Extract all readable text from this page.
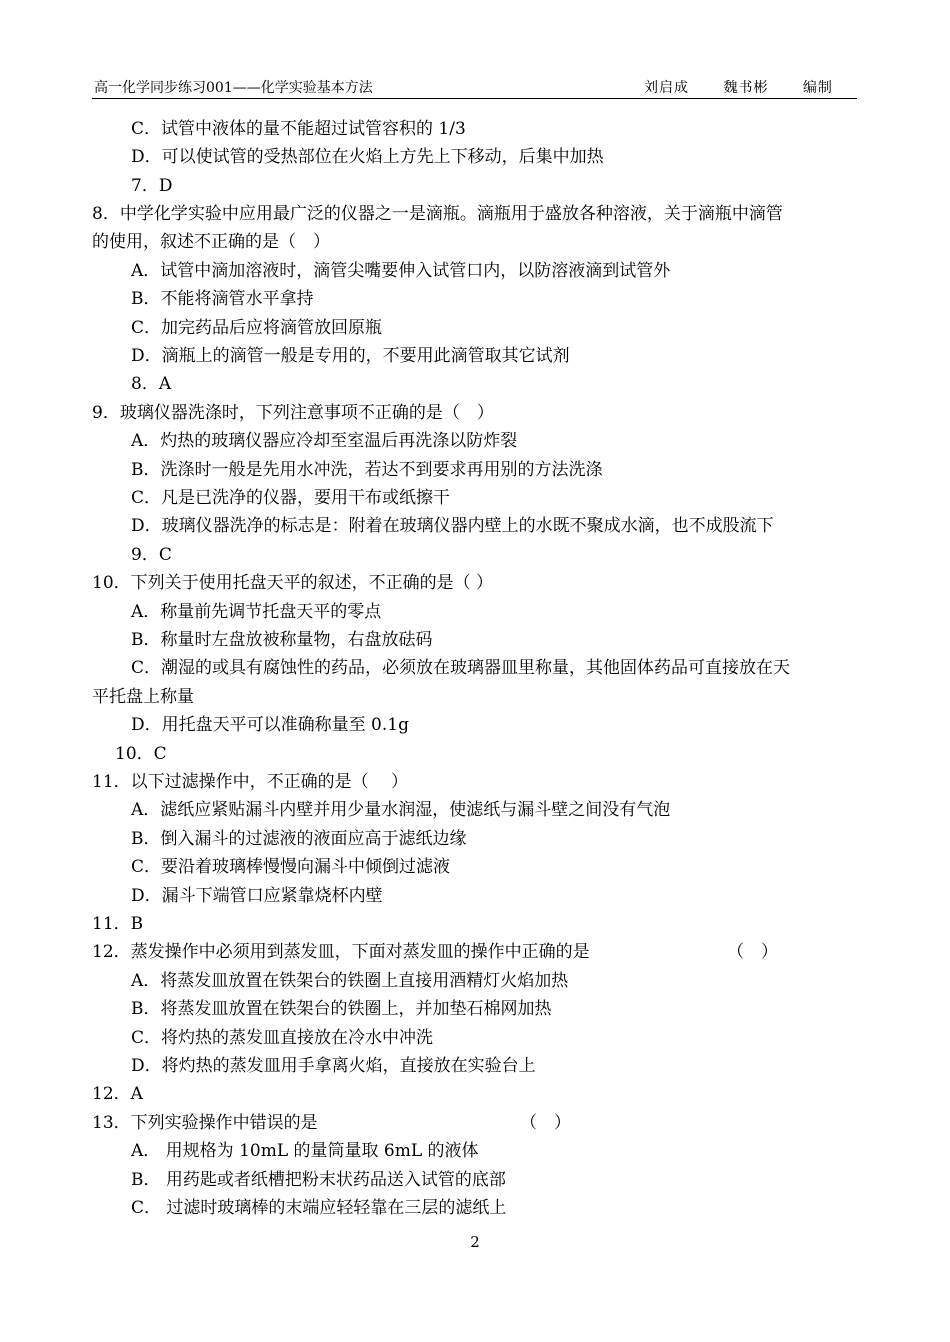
高一化学同步练习001——化学实验基本方法	刘启成　 魏书彬　 编制
C．试管中液体的量不能超过试管容积的 1/3
D．可以使试管的受热部位在火焰上方先上下移动，后集中加热
7．D
8．中学化学实验中应用最广泛的仪器之一是滴瓶。滴瓶用于盛放各种溶液，关于滴瓶中滴管
的使用，叙述不正确的是（　）
A．试管中滴加溶液时，滴管尖嘴要伸入试管口内，以防溶液滴到试管外
B．不能将滴管水平拿持
C．加完药品后应将滴管放回原瓶
D．滴瓶上的滴管一般是专用的，不要用此滴管取其它试剂
8．A
9．玻璃仪器洗涤时，下列注意事项不正确的是（　）
A．灼热的玻璃仪器应冷却至室温后再洗涤以防炸裂
B．洗涤时一般是先用水冲洗，若达不到要求再用别的方法洗涤
C．凡是已洗净的仪器，要用干布或纸擦干
D．玻璃仪器洗净的标志是：附着在玻璃仪器内壁上的水既不聚成水滴，也不成股流下
9．C
10．下列关于使用托盘天平的叙述，不正确的是（ ）
A．称量前先调节托盘天平的零点
B．称量时左盘放被称量物，右盘放砝码
C．潮湿的或具有腐蚀性的药品，必须放在玻璃器皿里称量，其他固体药品可直接放在天
平托盘上称量
D．用托盘天平可以准确称量至 0.1g
10．C
11．以下过滤操作中，不正确的是（　 ）
A．滤纸应紧贴漏斗内壁并用少量水润湿，使滤纸与漏斗壁之间没有气泡
B．倒入漏斗的过滤液的液面应高于滤纸边缘
C．要沿着玻璃棒慢慢向漏斗中倾倒过滤液
D．漏斗下端管口应紧靠烧杯内壁
11．B
12．蒸发操作中必须用到蒸发皿，下面对蒸发皿的操作中正确的是	（　）
A．将蒸发皿放置在铁架台的铁圈上直接用酒精灯火焰加热
B．将蒸发皿放置在铁架台的铁圈上，并加垫石棉网加热
C．将灼热的蒸发皿直接放在冷水中冲洗
D．将灼热的蒸发皿用手拿离火焰，直接放在实验台上
12．A
13．下列实验操作中错误的是	（　）
A． 用规格为 10mL 的量筒量取 6mL 的液体
B． 用药匙或者纸槽把粉末状药品送入试管的底部
C． 过滤时玻璃棒的末端应轻轻靠在三层的滤纸上
2
